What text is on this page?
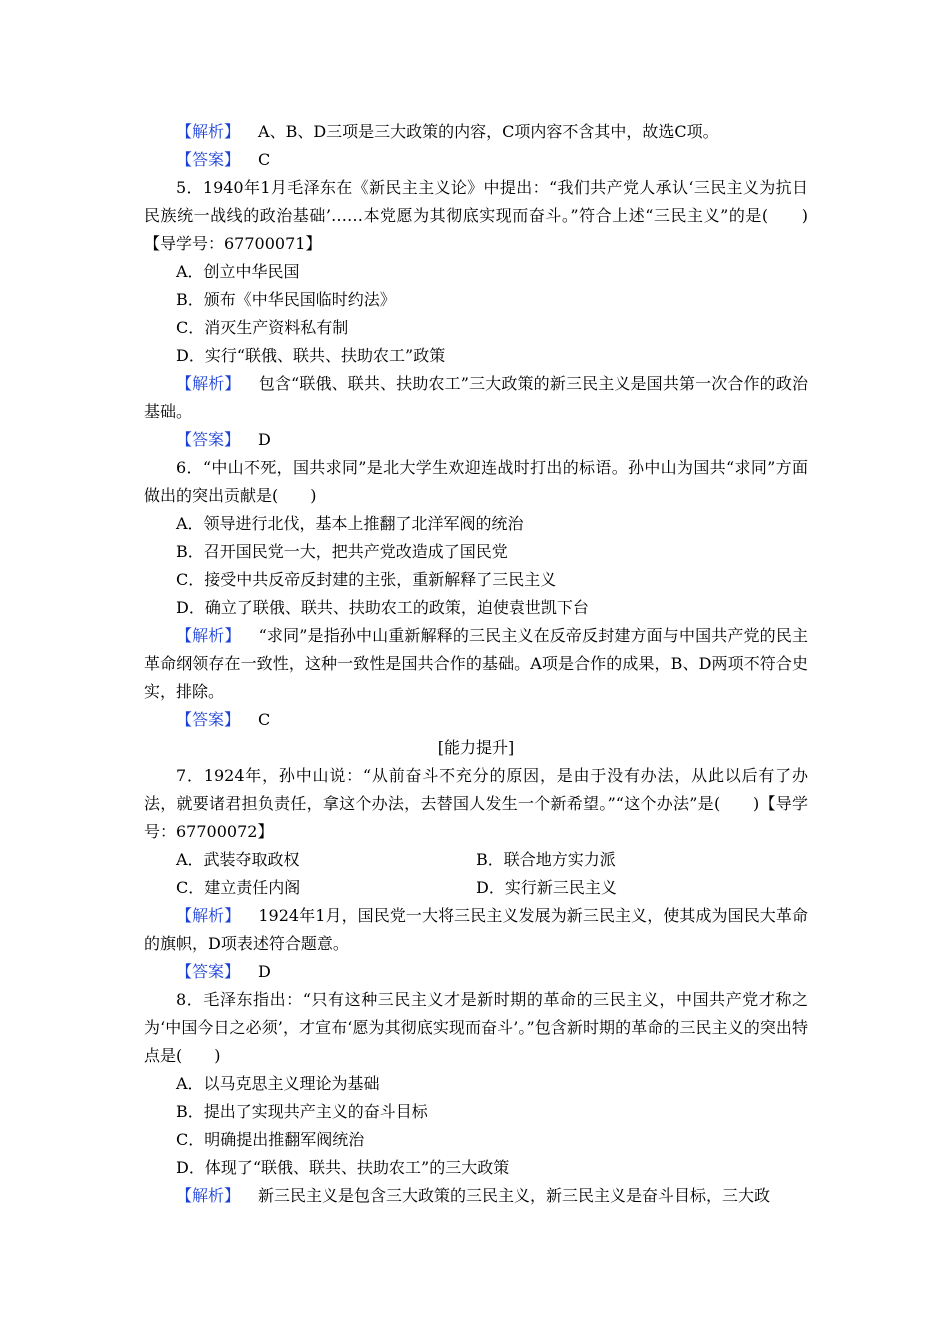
【解析】 A、B、D三项是三大政策的内容，C项内容不含其中，故选C项。

【答案】 C

5．1940年1月毛泽东在《新民主主义论》中提出：“我们共产党人承认‘三民主义为抗日民族统一战线的政治基础’……本党愿为其彻底实现而奋斗。”符合上述“三民主义”的是(　　)【导学号：67700071】

A．创立中华民国

B．颁布《中华民国临时约法》

C．消灭生产资料私有制

D．实行“联俄、联共、扶助农工”政策

【解析】 包含“联俄、联共、扶助农工”三大政策的新三民主义是国共第一次合作的政治基础。

【答案】 D

6．“中山不死，国共求同”是北大学生欢迎连战时打出的标语。孙中山为国共“求同”方面做出的突出贡献是(　　)

A．领导进行北伐，基本上推翻了北洋军阀的统治

B．召开国民党一大，把共产党改造成了国民党

C．接受中共反帝反封建的主张，重新解释了三民主义

D．确立了联俄、联共、扶助农工的政策，迫使袁世凯下台

【解析】 “求同”是指孙中山重新解释的三民主义在反帝反封建方面与中国共产党的民主革命纲领存在一致性，这种一致性是国共合作的基础。A项是合作的成果，B、D两项不符合史实，排除。

【答案】 C

[能力提升]

7．1924年，孙中山说：“从前奋斗不充分的原因，是由于没有办法，从此以后有了办法，就要诸君担负责任，拿这个办法，去替国人发生一个新希望。”“这个办法”是(　　)【导学号：67700072】

A．武装夺取政权	B．联合地方实力派
C．建立责任内阁	D．实行新三民主义

【解析】 1924年1月，国民党一大将三民主义发展为新三民主义，使其成为国民大革命的旗帜，D项表述符合题意。

【答案】 D

8．毛泽东指出：“只有这种三民主义才是新时期的革命的三民主义，中国共产党才称之为‘中国今日之必须’，才宣布‘愿为其彻底实现而奋斗’。”包含新时期的革命的三民主义的突出特点是(　　)

A．以马克思主义理论为基础

B．提出了实现共产主义的奋斗目标

C．明确提出推翻军阀统治

D．体现了“联俄、联共、扶助农工”的三大政策

【解析】 新三民主义是包含三大政策的三民主义，新三民主义是奋斗目标，三大政
